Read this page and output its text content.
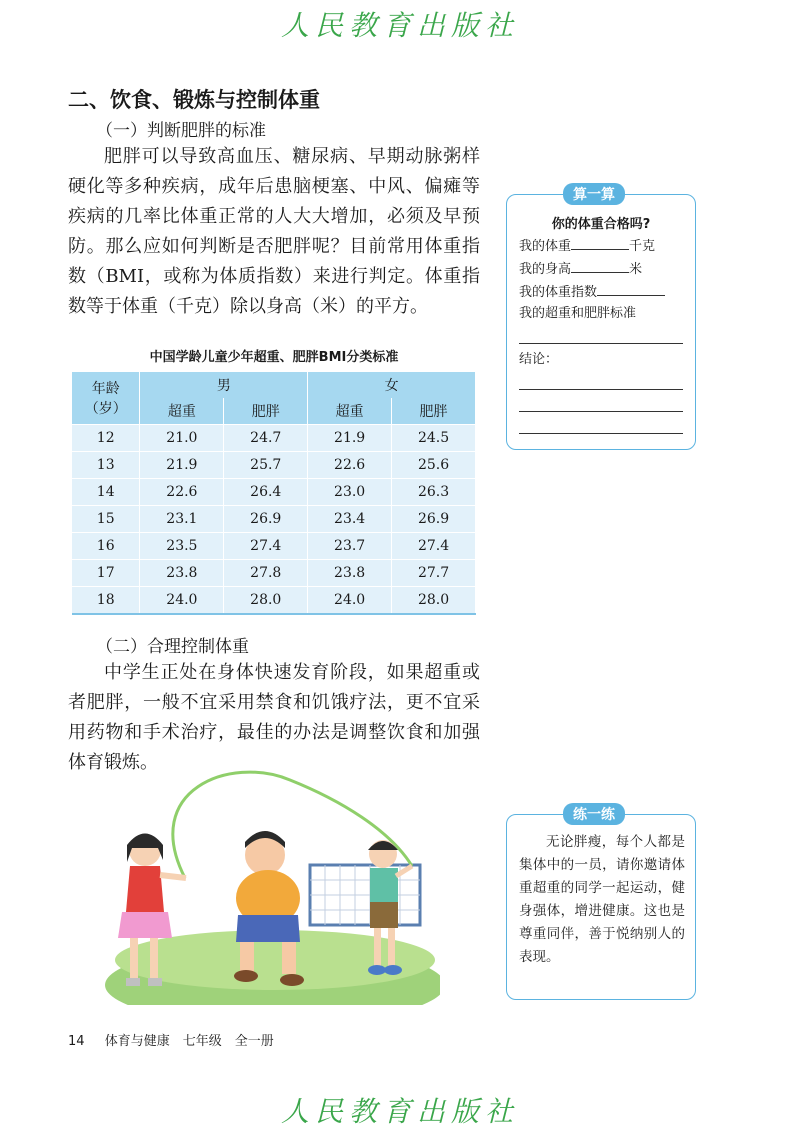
人民教育出版社
二、饮食、锻炼与控制体重
（一）判断肥胖的标准
肥胖可以导致高血压、糖尿病、早期动脉粥样硬化等多种疾病，成年后患脑梗塞、中风、偏瘫等疾病的几率比体重正常的人大大增加，必须及早预防。那么应如何判断是否肥胖呢？目前常用体重指数（BMI，或称为体质指数）来进行判定。体重指数等于体重（千克）除以身高（米）的平方。
中国学龄儿童少年超重、肥胖BMI分类标准
年龄
（岁）	男		女	
	超重	肥胖	超重	肥胖
12	21.0	24.7	21.9	24.5
13	21.9	25.7	22.6	25.6
14	22.6	26.4	23.0	26.3
15	23.1	26.9	23.4	26.9
16	23.5	27.4	23.7	27.4
17	23.8	27.8	23.8	27.7
18	24.0	28.0	24.0	28.0
（二）合理控制体重
中学生正处在身体快速发育阶段，如果超重或者肥胖，一般不宜采用禁食和饥饿疗法，更不宜采用药物和手术治疗，最佳的办法是调整饮食和加强体育锻炼。
算一算
你的体重合格吗?
我的体重	千克
我的身高	米
我的体重指数
我的超重和肥胖标准
结论：
练一练
无论胖瘦，每个人都是集体中的一员，请你邀请体重超重的同学一起运动，健身强体，增进健康。这也是尊重同伴，善于悦纳别人的表现。
14 体育与健康　七年级　全一册
人民教育出版社
